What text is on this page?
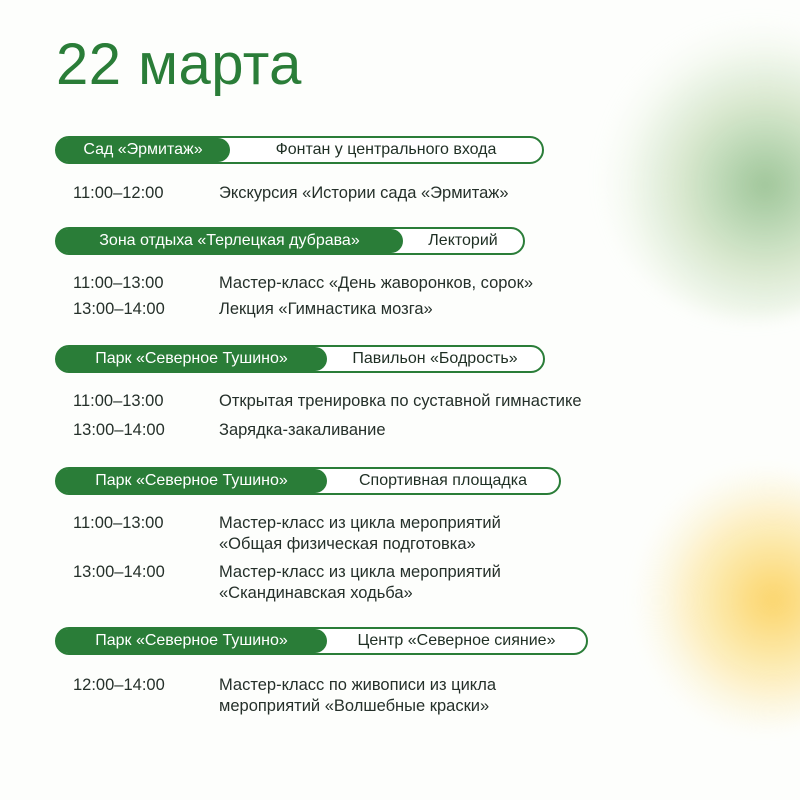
22 марта
Сад «Эрмитаж»	Фонтан у центрального входа
11:00–12:00	Экскурсия «Истории сада «Эрмитаж»
Зона отдыха «Терлецкая дубрава»	Лекторий
11:00–13:00	Мастер-класс «День жаворонков, сорок»
13:00–14:00	Лекция «Гимнастика мозга»
Парк «Северное Тушино»	Павильон «Бодрость»
11:00–13:00	Открытая тренировка по суставной гимнастике
13:00–14:00	Зарядка-закаливание
Парк «Северное Тушино»	Спортивная площадка
11:00–13:00	Мастер-класс из цикла мероприятий
«Общая физическая подготовка»
13:00–14:00	Мастер-класс из цикла мероприятий
«Скандинавская ходьба»
Парк «Северное Тушино»	Центр «Северное сияние»
12:00–14:00	Мастер-класс по живописи из цикла
мероприятий «Волшебные краски»
